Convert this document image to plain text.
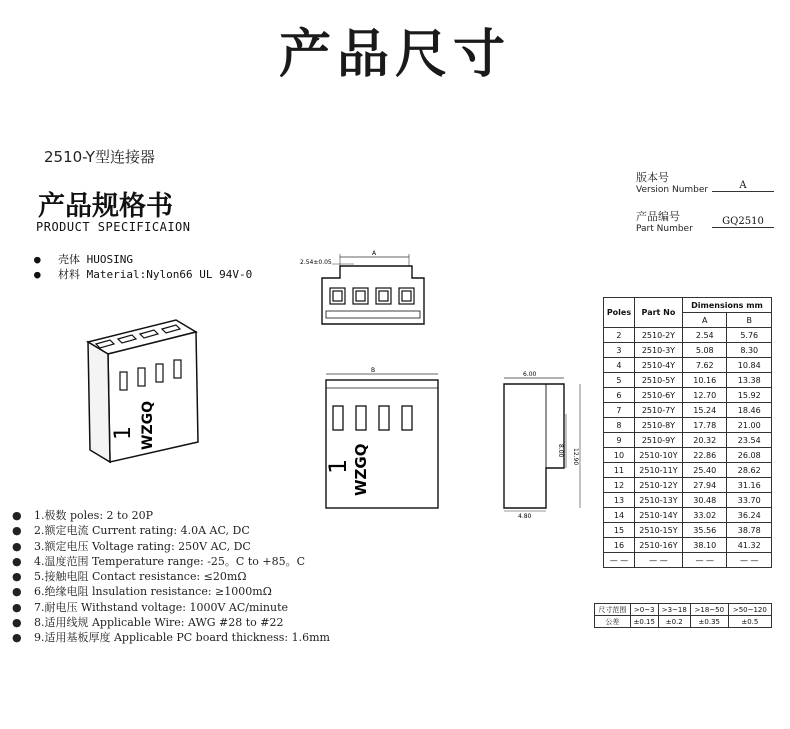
产品尺寸
2510-Y型连接器
产品规格书
PRODUCT SPECIFICAION
● 壳体 HUOSING
● 材料 Material:Nylon66 UL 94V-0
版本号
Version Number	A
产品编号
Part Number
GQ2510
1 WZGQ
A
2.54±0.05
B
1 WZGQ
6.00
8.00 12.90
4.80
● 1.极数 poles: 2 to 20P
● 2.额定电流 Current rating: 4.0A AC, DC
● 3.额定电压 Voltage rating: 250V AC, DC
● 4.温度范围 Temperature range: -25。C to +85。C
● 5.接触电阻 Contact resistance: ≤20mΩ
● 6.绝缘电阻 lnsulation resistance: ≥1000mΩ
● 7.耐电压 Withstand voltage: 1000V AC/minute
● 8.适用线规 Applicable Wire: AWG #28 to #22
● 9.适用基板厚度 Applicable PC board thickness: 1.6mm
Poles	Part No	Dimensions mm	
		A	B
2	2510-2Y	2.54	5.76
3	2510-3Y	5.08	8.30
4	2510-4Y	7.62	10.84
5	2510-5Y	10.16	13.38
6	2510-6Y	12.70	15.92
7	2510-7Y	15.24	18.46
8	2510-8Y	17.78	21.00
9	2510-9Y	20.32	23.54
10	2510-10Y	22.86	26.08
11	2510-11Y	25.40	28.62
12	2510-12Y	27.94	31.16
13	2510-13Y	30.48	33.70
14	2510-14Y	33.02	36.24
15	2510-15Y	35.56	38.78
16	2510-16Y	38.10	41.32
— —	— —	— —	— —
尺寸范围	>0~3	>3~18	>18~50	>50~120
公差	±0.15	±0.2	±0.35	±0.5
